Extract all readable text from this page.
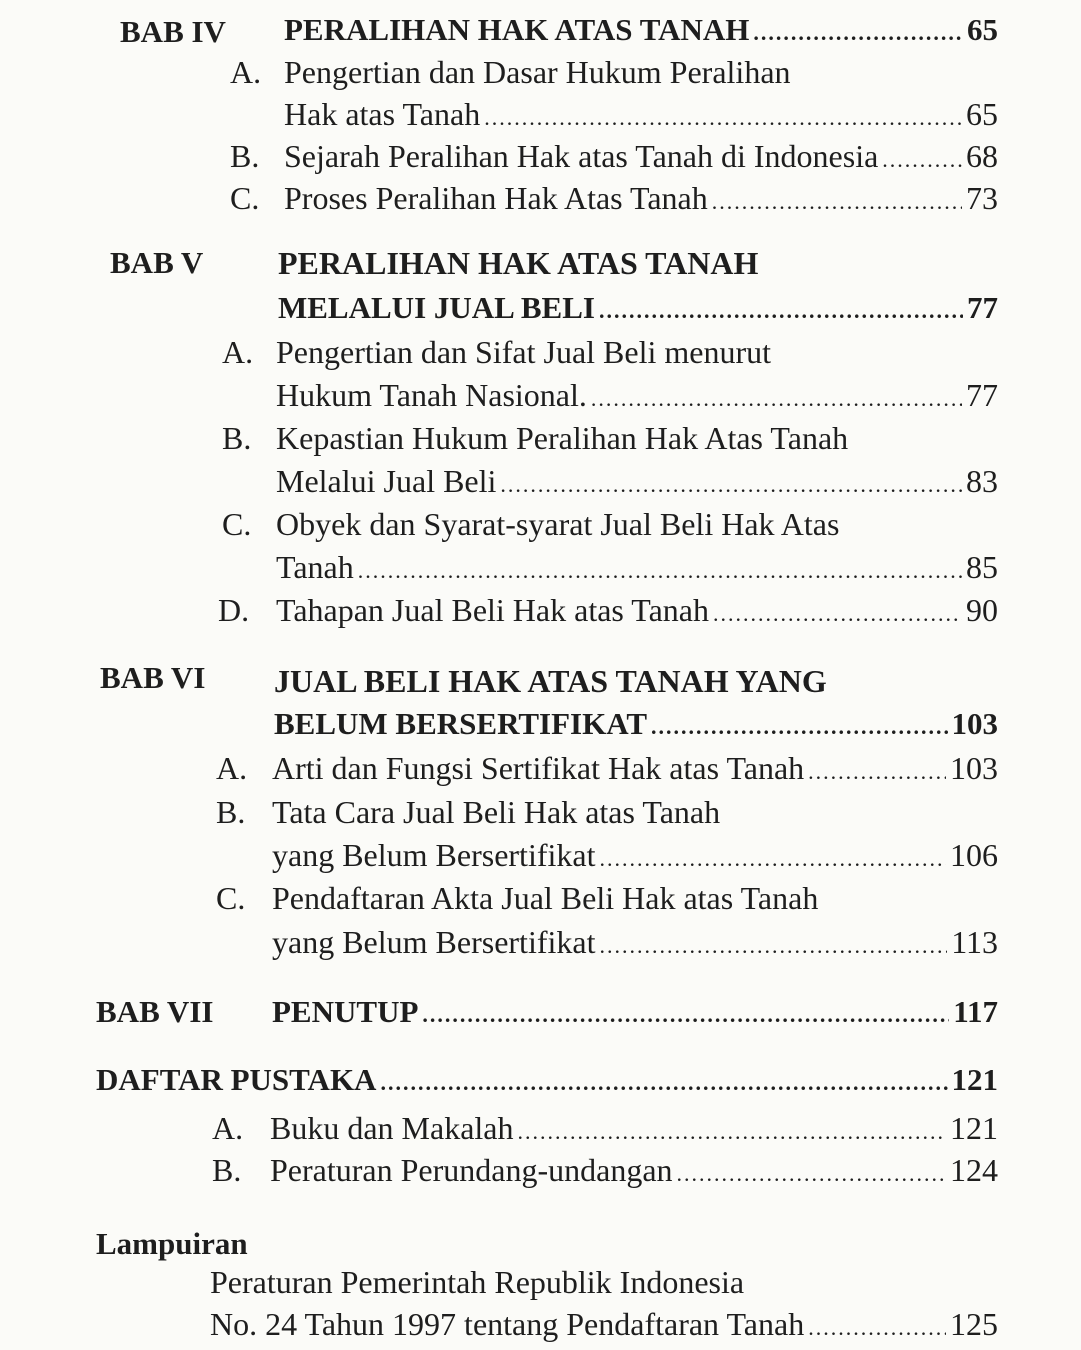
BAB IV PERALIHAN HAK ATAS TANAH .....	65
A. Pengertian dan Dasar Hukum Peralihan
Hak atas Tanah .....	65
B. Sejarah Peralihan Hak atas Tanah di Indonesia .....	68
C. Proses Peralihan Hak Atas Tanah .....	73
BAB V PERALIHAN HAK ATAS TANAH
MELALUI JUAL BELI .....	77
A. Pengertian dan Sifat Jual Beli menurut
Hukum Tanah Nasional. .....	77
B. Kepastian Hukum Peralihan Hak Atas Tanah
Melalui Jual Beli .....	83
C. Obyek dan Syarat-syarat Jual Beli Hak Atas
Tanah .....	85
D. Tahapan Jual Beli Hak atas Tanah .....	90
BAB VI JUAL BELI HAK ATAS TANAH YANG
BELUM BERSERTIFIKAT .....	103
A. Arti dan Fungsi Sertifikat Hak atas Tanah .....	103
B. Tata Cara Jual Beli Hak atas Tanah
yang Belum Bersertifikat .....	106
C. Pendaftaran Akta Jual Beli Hak atas Tanah
yang Belum Bersertifikat .....	113
BAB VII PENUTUP .....	117
DAFTAR PUSTAKA .....	121
A. Buku dan Makalah .....	121
B. Peraturan Perundang-undangan .....	124
Lampuiran
Peraturan Pemerintah Republik Indonesia
No. 24 Tahun 1997 tentang Pendaftaran Tanah .....	125
